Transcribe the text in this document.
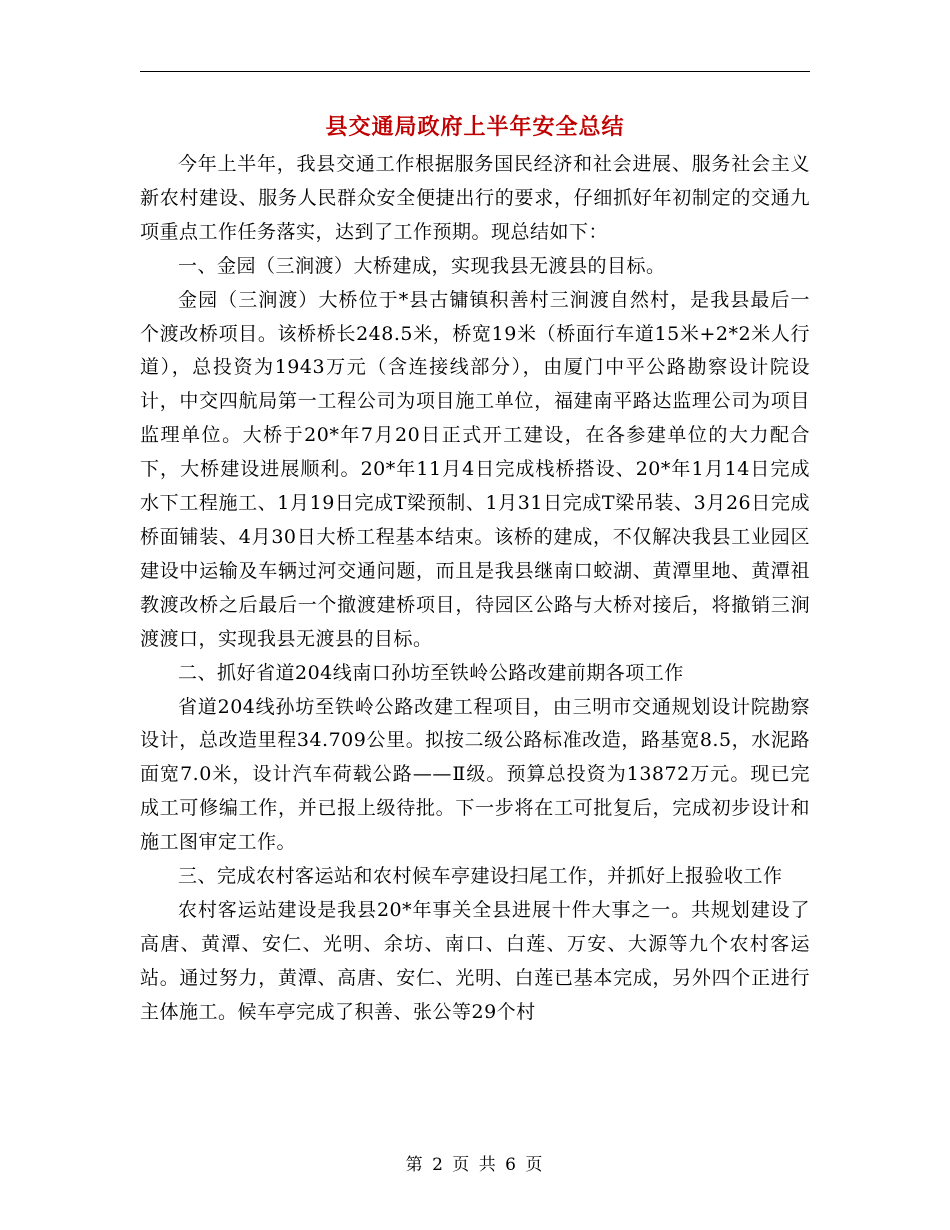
县交通局政府上半年安全总结

今年上半年，我县交通工作根据服务国民经济和社会进展、服务社会主义新农村建设、服务人民群众安全便捷出行的要求，仔细抓好年初制定的交通九项重点工作任务落实，达到了工作预期。现总结如下：

一、金园（三涧渡）大桥建成，实现我县无渡县的目标。

金园（三涧渡）大桥位于*县古镛镇积善村三涧渡自然村，是我县最后一个渡改桥项目。该桥桥长248.5米，桥宽19米（桥面行车道15米+2*2米人行道），总投资为1943万元（含连接线部分），由厦门中平公路勘察设计院设计，中交四航局第一工程公司为项目施工单位，福建南平路达监理公司为项目监理单位。大桥于20*年7月20日正式开工建设，在各参建单位的大力配合下，大桥建设进展顺利。20*年11月4日完成栈桥搭设、20*年1月14日完成水下工程施工、1月19日完成T梁预制、1月31日完成T梁吊装、3月26日完成桥面铺装、4月30日大桥工程基本结束。该桥的建成，不仅解决我县工业园区建设中运输及车辆过河交通问题，而且是我县继南口蛟湖、黄潭里地、黄潭祖教渡改桥之后最后一个撤渡建桥项目，待园区公路与大桥对接后，将撤销三涧渡渡口，实现我县无渡县的目标。

二、抓好省道204线南口孙坊至铁岭公路改建前期各项工作

省道204线孙坊至铁岭公路改建工程项目，由三明市交通规划设计院勘察设计，总改造里程34.709公里。拟按二级公路标准改造，路基宽8.5，水泥路面宽7.0米，设计汽车荷载公路——Ⅱ级。预算总投资为13872万元。现已完成工可修编工作，并已报上级待批。下一步将在工可批复后，完成初步设计和施工图审定工作。

三、完成农村客运站和农村候车亭建设扫尾工作，并抓好上报验收工作

农村客运站建设是我县20*年事关全县进展十件大事之一。共规划建设了高唐、黄潭、安仁、光明、余坊、南口、白莲、万安、大源等九个农村客运站。通过努力，黄潭、高唐、安仁、光明、白莲已基本完成，另外四个正进行主体施工。候车亭完成了积善、张公等29个村

第 2 页 共 6 页
